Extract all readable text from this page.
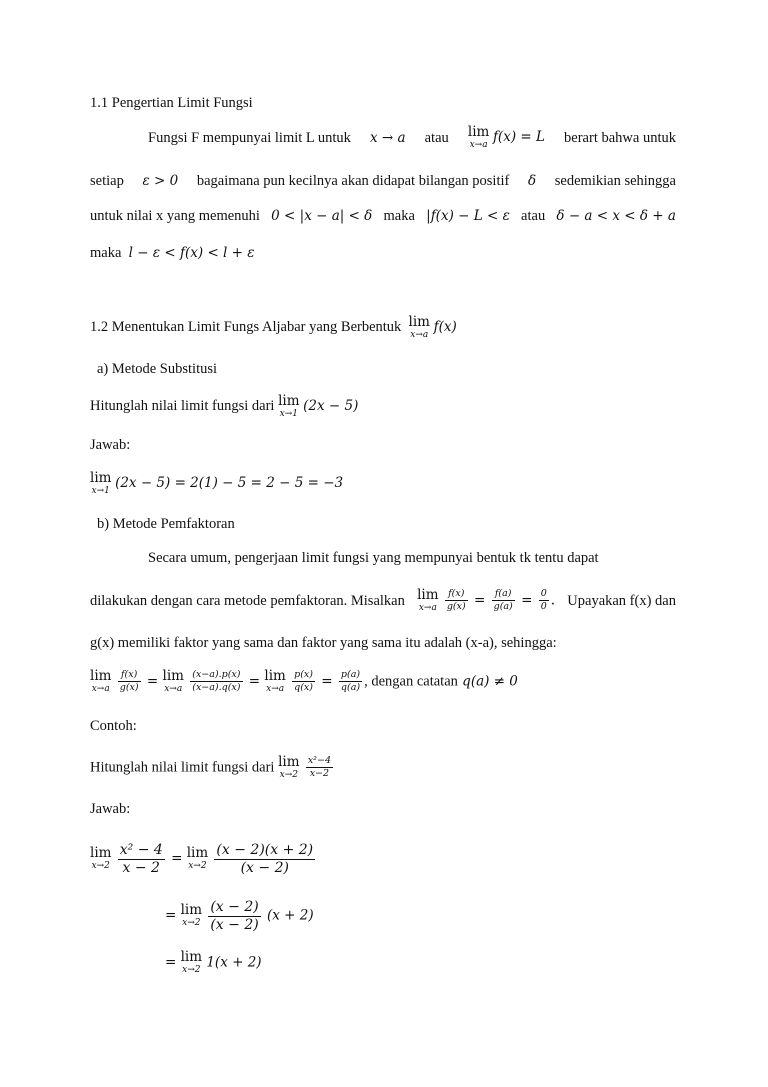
1.1 Pengertian Limit Fungsi
Fungsi F mempunyai limit L untuk x → a atau lim
x→a f(x) = L berart bahwa untuk
setiap ε > 0 bagaimana pun kecilnya akan didapat bilangan positif δ sedemikian sehingga
untuk nilai x yang memenuhi 0 < |x − a| < δ maka |f(x) − L < ε atau δ − a < x < δ + a
maka l − ε < f(x) < l + ε
1.2 Menentukan Limit Fungs Aljabar yang Berbentuk lim
x→a f(x)
a) Metode Substitusi
Hitunglah nilai limit fungsi dari lim
x→1 (2x − 5)
Jawab:
lim
x→1 (2x − 5) = 2(1) − 5 = 2 − 5 = −3
b) Metode Pemfaktoran
Secara umum, pengerjaan limit fungsi yang mempunyai bentuk tk tentu dapat
dilakukan dengan cara metode pemfaktoran. Misalkan lim
x→a
$\frac{f(x)}{g(x)} = \frac{f(a)}{g(a)} = \frac{0}{0}$ . Upayakan f(x) dan
g(x) memiliki faktor yang sama dan faktor yang sama itu adalah (x-a), sehingga:
lim
x→a
$\frac{f(x)}{g(x)} = \lim$
x→a
$\frac{(x-a).p(x)}{(x-a).q(x)} = \lim$
x→a
$\frac{p(x)}{q(x)} = \frac{p(a)}{q(a)}$ , dengan catatan q(a) ≠ 0
Contoh:
Hitunglah nilai limit fungsi dari lim
x→2
$\frac{\text{x²−4}}{x-2}$
Jawab:
lim
x→2
$\frac{\text{x² − 4}}{x - 2} = \lim$
x→2
$\frac{(x - 2)(x + 2)}{(x - 2)}$
= lim
x→2
$\frac{(x - 2)}{(x - 2)} (x + 2)$
= lim
x→2 1(x + 2)
